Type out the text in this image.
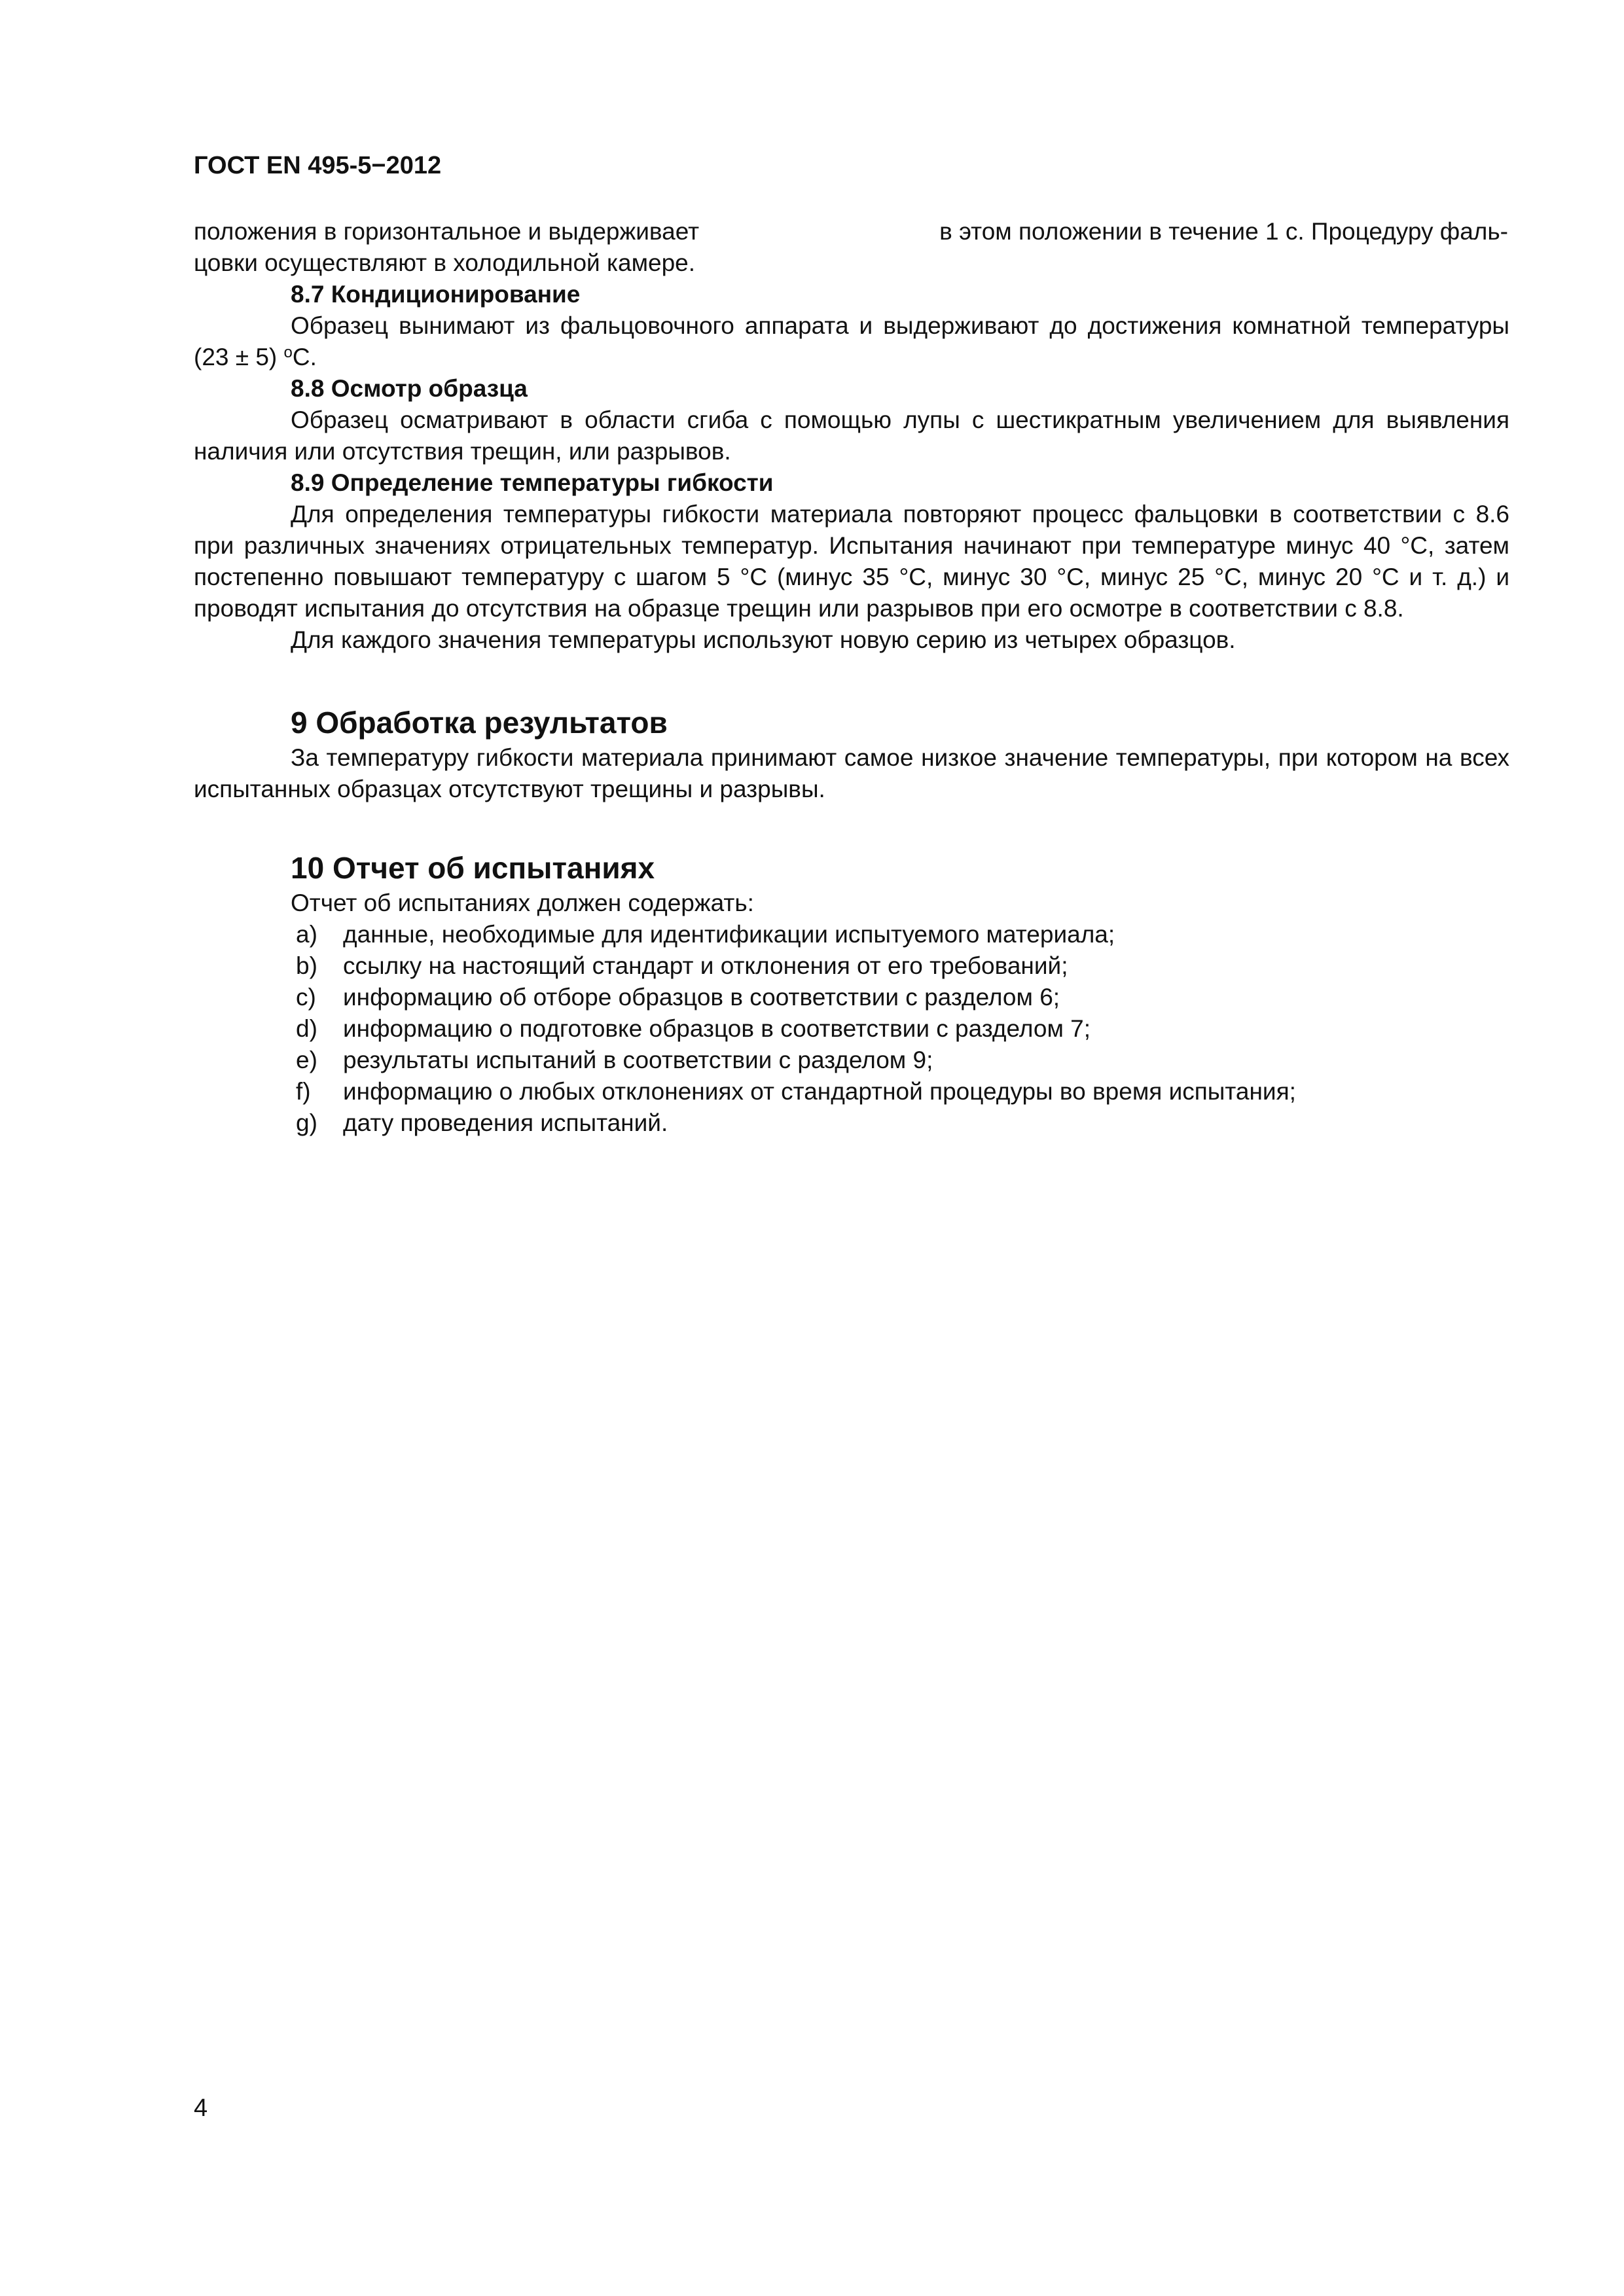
ГОСТ EN 495-5−2012

положения в горизонтальное и выдерживает	в этом положении в течение 1 с. Процедуру фаль-

цовки осуществляют в холодильной камере.

8.7 Кондиционирование

Образец вынимают из фальцовочного аппарата и выдерживают до достижения комнатной температуры (23 ± 5) $^о$С.

8.8 Осмотр образца

Образец осматривают в области сгиба с помощью лупы с шестикратным увеличением для выявления наличия или отсутствия трещин, или разрывов.

8.9 Определение температуры гибкости

Для определения температуры гибкости материала повторяют процесс фальцовки в соответствии с 8.6 при различных значениях отрицательных температур. Испытания начинают при температуре минус 40 °С, затем постепенно повышают температуру с шагом 5 °С (минус 35 °С, минус 30 °С, минус 25 °С, минус 20 °С и т. д.) и проводят испытания до отсутствия на образце трещин или разрывов при его осмотре в соответствии с 8.8.

Для каждого значения температуры используют новую серию из четырех образцов.

9 Обработка результатов

За температуру гибкости материала принимают самое низкое значение температуры, при котором на всех испытанных образцах отсутствуют трещины и разрывы.

10 Отчет об испытаниях

Отчет об испытаниях должен содержать:

a)	данные, необходимые для идентификации испытуемого материала;
b)	ссылку на настоящий стандарт и отклонения от его требований;
c)	информацию об отборе образцов в соответствии с разделом 6;
d)	информацию о подготовке образцов в соответствии с разделом 7;
e)	результаты испытаний в соответствии с разделом 9;
f)	информацию о любых отклонениях от стандартной процедуры во время испытания;
g)	дату проведения испытаний.
4
